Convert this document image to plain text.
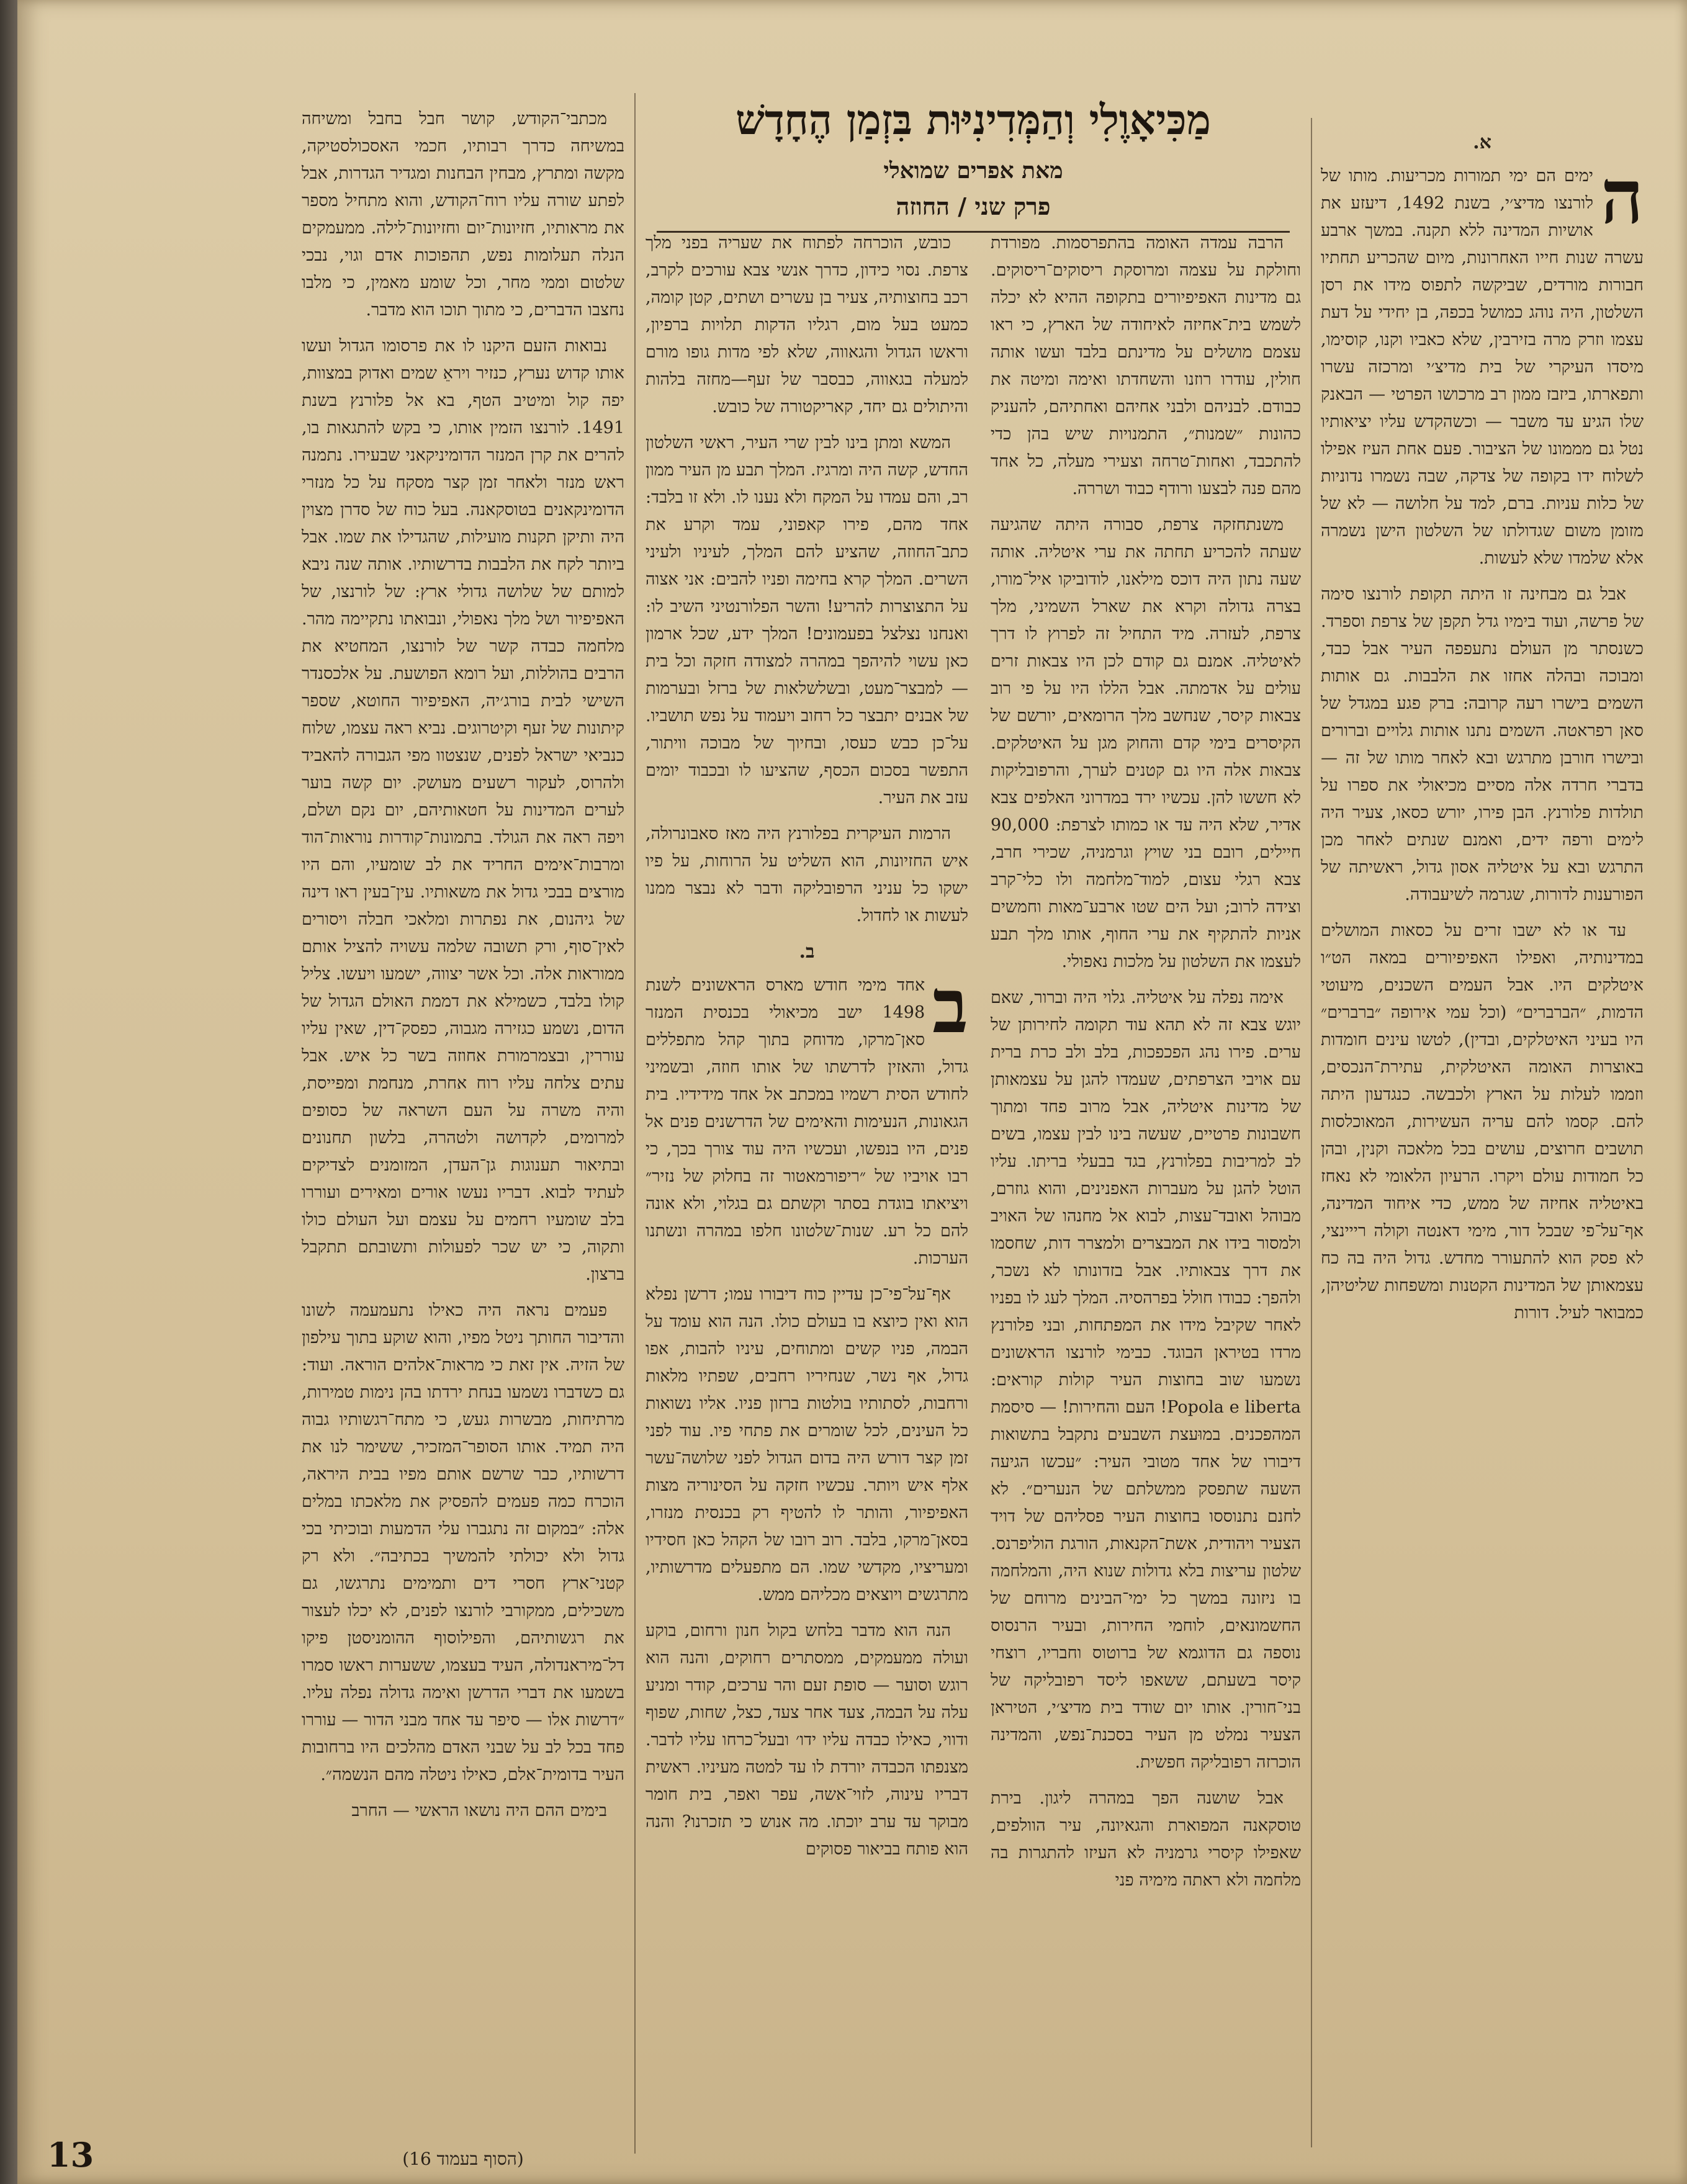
מַכִּיאָוֶלִי וְהַמְּדִינִיּוּת בִּזְמַן הֶחָדָשׁ
מאת אפרים שמואלי
פרק שני / החוזה
א.
ה

ימים הם ימי תמורות מכריעות. מותו של לורנצו מדיצ׳י, בשנת 1492, דיעזע את אושיות המדינה ללא תקנה. במשך ארבע עשרה שנות חייו האחרונות, מיום שהכריע תחתיו חבורות מורדים, שביקשה לתפוס מידו את רסן השלטון, היה נוהג כמושל בכפה, בן יחידי על דעת עצמו וזרק מרה בזירבין, שלא כאביו וקנו, קוסימו, מיסדו העיקרי של בית מדיצ׳י ומרכזה עשרו ותפארתו, ביזבז ממון רב מרכושו הפרטי — הבאנק שלו הגיע עד משבר — וכשהקדש עליו יציאותיו נטל גם מממונו של הציבור. פעם אחת העיז אפילו לשלוח ידו בקופה של צדקה, שבה נשמרו נדוניות של כלות עניות. ברם, למד על חלושה — לא של מזומן משום שגדולתו של השלטון הישן נשמרה אלא שלמדו שלא לעשות.

אבל גם מבחינה זו היתה תקופת לורנצו סימה של פרשה, ועוד בימיו גדל תקפן של צרפת וספרד. כשנסתר מן העולם נתעפפה העיר אבל כבד, ומבוכה ובהלה אחזו את הלבבות. גם אותות השמים בישרו רעה קרובה: ברק פגע במגדל של סאן רפראטה. השמים נתנו אותות גלויים וברורים ובישרו חורבן מתרגש ובא לאחר מותו של זה — בדברי חרדה אלה מסיים מכיאולי את ספרו על תולדות פלורנץ. הבן פירו, יורש כסאו, צעיר היה לימים ורפה ידים, ואמנם שנתים לאחר מכן התרגש ובא על איטליה אסון גדול, ראשיתה של הפורענות לדורות, שגרמה לשיעבודה.

עד או לא ישבו זרים על כסאות המושלים במדינותיה, ואפילו האפיפיורים במאה הט״ו איטלקים היו. אבל העמים השכנים, מיעוטי הדמות, ״הברברים״ (וכל עמי אירופה ״ברברים״ היו בעיני האיטלקים, ובדין), לטשו עינים חומדות באוצרות האומה האיטלקית, עתירת־הנכסים, וזממו לעלות על הארץ ולכבשה. כנגדעון היתה להם. קסמו להם עריה העשירות, המאוכלסות תושבים חרוצים, עושים בכל מלאכה וקנין, ובהן כל חמודות עולם ויקרו. הרעיון הלאומי לא נאחז באיטליה אחיזה של ממש, כדי איחוד המדינה, אף־על־פי שבכל דור, מימי דאנטה וקולה רייינצי, לא פסק הוא להתעורר מחדש. גדול היה בה כח עצמאותן של המדינות הקטנות ומשפחות שליטיהן, כמבואר לעיל. דורות

הרבה עמדה האומה בהתפרסמות. מפורדת וחולקת על עצמה ומרוסקת ריסוקים־ריסוקים. גם מדינות האפיפיורים בתקופה ההיא לא יכלה לשמש בית־אחיזה לאיחודה של הארץ, כי ראו עצמם מושלים על מדינתם בלבד ועשו אותה חולין, עודרו רוזנו והשחדתו ואימה ומיטה את כבודם. לבניהם ולבני אחיהם ואחתיהם, להעניק כהונות ״שמנות״, התמנויות שיש בהן כדי להתכבד, ואחות־טרחה וצעירי מעלה, כל אחד מהם פנה לבצעו ורודף כבוד ושררה.

משנתחזקה צרפת, סבורה היתה שהגיעה שעתה להכריע תחתה את ערי איטליה. אותה שעה נתון היה דוכס מילאנו, לודוביקו איל־מורו, בצרה גדולה וקרא את שארל השמיני, מלך צרפת, לעזרה. מיד התחיל זה לפרוץ לו דרך לאיטליה. אמנם גם קודם לכן היו צבאות זרים עולים על אדמתה. אבל הללו היו על פי רוב צבאות קיסר, שנחשב מלך הרומאים, יורשם של הקיסרים בימי קדם והחוק מגן על האיטלקים. צבאות אלה היו גם קטנים לערך, והרפובליקות לא חששו להן. עכשיו ירד במדרוני האלפים צבא אדיר, שלא היה עד או כמותו לצרפת: 90,000 חיילים, רובם בני שויץ וגרמניה, שכירי חרב, צבא רגלי עצום, למוד־מלחמה ולו כלי־קרב וצידה לרוב; ועל הים שטו ארבע־מאות וחמשים אניות להתקיף את ערי החוף, אותו מלך תבע לעצמו את השלטון על מלכות נאפולי.

אימה נפלה על איטליה. גלוי היה וברור, שאם יוגש צבא זה לא תהא עוד תקומה לחירותן של ערים. פירו נהג הפכפכות, בלב ולב כרת ברית עם אויבי הצרפתים, שעמדו להגן על עצמאותן של מדינות איטליה, אבל מרוב פחד ומתוך חשבונות פרטיים, שעשה בינו לבין עצמו, בשים לב למריבות בפלורנץ, בגד בבעלי בריתו. עליו הוטל להגן על מעברות האפנינים, והוא גוזרם, מבוהל ואובד־עצות, לבוא אל מחנהו של האויב ולמסור בידו את המבצרים ולמצרר דות, שחסמו את דרך צבאותיו. אבל בזדונותו לא נשכר, ולהפך: כבודו חולל בפרהסיה. המלך לעג לו בפניו לאחר שקיבל מידו את המפתחות, ובני פלורנץ מרדו בטיראן הבוגד. כבימי לורנצו הראשונים נשמעו שוב בחוצות העיר קולות קוראים: Popola e liberta! העם והחירות! — סיסמת המהפכנים. במוּעצת השבעים נתקבל בתשואות דיבורו של אחד מטובי העיר: ״עכשו הגיעה השעה שתפסק ממשלתם של הנערים״. לא לחנם נתנוססו בחוצות העיר פסליהם של דויד הצעיר ויהודית, אשת־הקנאות, הורגת הוליפרנס. שלטון עריצות בלא גדולות שנוא היה, והמלחמה בו ניזונה במשך כל ימי־הבינים מרוחם של החשמונאים, לוחמי החירות, ובעיר הרנסוס נוספה גם הדוגמא של ברוטוס וחבריו, רוצחי קיסר בשעתם, ששאפו ליסד רפובליקה של בני־חורין. אותו יום שודד בית מדיצ׳י, הטיראן הצעיר נמלט מן העיר בסכנת־נפש, והמדינה הוכרזה רפובליקה חפשית.

אבל שושנה הפך במהרה ליגון. בירת טוסקאנה המפוארת והגאיונה, עיר הוולפים, שאפילו קיסרי גרמניה לא העיזו להתגרות בה מלחמה ולא ראתה מימיה פני

כובש, הוכרחה לפתוח את שעריה בפני מלך צרפת. נסוי כידון, כדרך אנשי צבא עורכים לקרב, רכב בחוצותיה, צעיר בן עשרים ושתים, קטן קומה, כמעט בעל מום, רגליו הדקות תלויות ברפיון, וראשו הגדול והגאווה, שלא לפי מדות גופו מורם למעלה בגאווה, כבסבר של זעף—מחזה בלהות והיתולים גם יחד, קאריקטורה של כובש.

המשא ומתן בינו לבין שרי העיר, ראשי השלטון החדש, קשה היה ומרגיז. המלך תבע מן העיר ממון רב, והם עמדו על המקח ולא נענו לו. ולא זו בלבד: אחד מהם, פירו קאפוני, עמד וקרע את כתב־החוזה, שהציע להם המלך, לעיניו ולעיני השרים. המלך קרא בחימה ופניו להבים: אני אצוה על התצוצרות להריע! והשר הפלורנטיני השיב לו: ואנחנו נצלצל בפעמונים! המלך ידע, שכל ארמון כאן עשוי להיהפך במהרה למצודה חזקה וכל בית — למבצר־מעט, ובשלשלאות של ברזל ובערמות של אבנים יתבצר כל רחוב ויעמוד על נפש תושביו. על־כן כבש כעסו, ובחיוך של מבוכה וויתור, התפשר בסכום הכסף, שהציעו לו ובכבוד יומים עזב את העיר.

הרמות העיקרית בפלורנץ היה מאז סאבונרולה, איש החזיונות, הוא השליט על הרוחות, על פיו ישקו כל עניני הרפובליקה ודבר לא נבצר ממנו לעשות או לחדול.

ב.
ב

אחד מימי חודש מארס הראשונים לשנת 1498 ישב מכיאולי בכנסית המנזר סאן־מרקו, מדוחק בתוך קהל מתפללים גדול, והאזין לדרשתו של אותו חוזה, ובשמיני לחודש הסית רשמיו במכתב אל אחד מידידיו. בית הגאונות, הנעימות והאימים של הדרשנים פנים אל פנים, היו בנפשו, ועכשיו היה עוד צורך בכך, כי רבו אויביו של ״ריפורמאטור זה בחלוק של נזיר״ ויציאתו בוגדת בסתר וקשתם גם בגלוי, ולא אונה להם כל רע. שנות־שלטונו חלפו במהרה ונשתנו הערכות.

אף־על־פי־כן עדיין כוח דיבורו עמו; דרשן נפלא הוא ואין כיוצא בו בעולם כולו. הנה הוא עומד על הבמה, פניו קשים ומתוחים, עיניו להבות, אפו גדול, אף נשר, שנחיריו רחבים, שפתיו מלאות ורחבות, לסתותיו בולטות ברזון פניו. אליו נשואות כל העינים, לכל שומרים את פתחי פיו. עוד לפני זמן קצר דורש היה בדום הגדול לפני שלושה־עשר אלף איש ויותר. עכשיו חזקה על הסינוריה מצות האפיפיור, והותר לו להטיף רק בכנסית מנזרו, בסאן־מרקו, בלבד. רוב רובו של הקהל כאן חסידיו ומעריציו, מקדשי שמו. הם מתפעלים מדרשותיו, מתרגשים ויוצאים מכליהם ממש.

הנה הוא מדבר בלחש בקול חנון ורחום, בוקע ועולה ממעמקים, ממסתרים רחוקים, והנה הוא רוגש וסוער — סופת זעם והר ערכים, קודר ומניע עלה על הבמה, צעד אחר צעד, כצל, שחות, שפוף ודווי, כאילו כבדה עליו ידו׳ ובעל־כרחו עליו לדבר. מצנפתו הכבדה יורדת לו עד למטה מעיניו. ראשית דבריו עינוה, לזוי־אשה, עפר ואפר, בית חומר מבוקר עד ערב יוכתו. מה אנוש כי תזכרנו? והנה הוא פותח בביאור פסוקים

מכתבי־הקודש, קושר חבל בחבל ומשיחה במשיחה כדרך רבותיו, חכמי האסכולסטיקה, מקשה ומתרץ, מבחין הבחנות ומגדיר הגדרות, אבל לפתע שורה עליו רוח־הקודש, והוא מתחיל מספר את מראותיו, חזיונות־יום וחזיונות־לילה. ממעמקים הנלה תעלומות נפש, תהפוכות אדם וגוי, נבכי שלטום וממי מחר, וכל שומע מאמין, כי מלבו נחצבו הדברים, כי מתוך תוכו הוא מדבר.

נבואות הזעם היקנו לו את פרסומו הגדול ועשו אותו קדוש נערץ, כנזיר ויראֵ שמים ואדוק במצוות, יפה קול ומיטיב הטף, בא אל פלורנץ בשנת 1491. לורנצו הזמין אותו, כי בקש להתגאות בו, להרים את קרן המנזר הדומיניקאני שבעירו. נתמנה ראש מנזר ולאחר זמן קצר מסקח על כל מנזרי הדומינקאנים בטוסקאנה. בעל כוח של סדרן מצוין היה ותיקן תקנות מועילות, שהגדילו את שמו. אבל ביותר לקח את הלבבות בדרשותיו. אותה שנה ניבא למותם של שלושה גדולי ארץ: של לורנצו, של האפיפיור ושל מלך נאפולי, ונבואתו נתקיימה מהר. מלחמה כבדה קשר של לורנצו, המחטיא את הרבים בהוללות, ועל רומא הפושעת. על אלכסנדר השישי לבית בורג׳יה, האפיפיור החוטא, שספר קיתונות של זעף וקיטרוגים. נביא ראה עצמו, שלוח כנביאי ישראל לפנים, שנצטוו מפי הגבורה להאביד ולהרוס, לעקור רשעים מעושק. יום קשה בוער לערים המדינות על חטאותיהם, יום נקם ושלם, ויפה ראה את הגולד. בתמונות־קודרות נוראות־הוד ומרבות־אימים החריד את לב שומעיו, והם היו מורצים בבכי גדול את משאותיו. עין־בעין ראו דינה של גיהנום, את נפתרות ומלאכי חבלה ויסורים לאין־סוף, ורק תשובה שלמה עשויה להציל אותם ממוראות אלה. וכל אשר יצווה, ישמעו ויעשו. צליל קולו בלבד, כשמילא את דממת האולם הגדול של הדום, נשמע כגזירה מגבוה, כפסק־דין, שאין עליו עוררין, ובצמרמורת אחוזה בשר כל איש. אבל עתים צלחה עליו רוח אחרת, מנחמת ומפייסת, והיה משרה על העם השראה של כסופים למרומים, לקדושה ולטהרה, בלשון תחנונים ובתיאור תענוגות גן־העדן, המזומנים לצדיקים לעתיד לבוא. דבריו נעשו אורים ומאירים ועוררו בלב שומעיו רחמים על עצמם ועל העולם כולו ותקוה, כי יש שכר לפעולות ותשובתם תתקבל ברצון.

פעמים נראה היה כאילו נתעמעמה לשונו והדיבור החותך ניטל מפיו, והוא שוקע בתוך עילפון של הזיה. אין זאת כי מראות־אלהים הוראה. ועוד: גם כשדברו נשמעו בנחת ירדתו בהן נימות טמירות, מרתיחות, מבשרות געש, כי מתח־רגשותיו גבוה היה תמיד. אותו הסופר־המזכיר, ששימר לנו את דרשותיו, כבר שרשם אותם מפיו בבית היראה, הוכרח כמה פעמים להפסיק את מלאכתו במלים אלה: ״במקום זה נתגברו עלי הדמעות ובוכיתי בכי גדול ולא יכולתי להמשיך בכתיבה״. ולא רק קטני־ארץ חסרי דים ותמימים נתרגשו, גם משכילים, ממקורבי לורנצו לפנים, לא יכלו לעצור את רגשותיהם, והפילוסוף ההומניסטן פיקו דל־מיראנדולה, העיד בעצמו, ששערות ראשו סמרו בשמעו את דברי הדרשן ואימה גדולה נפלה עליו. ״דרשות אלו — סיפר עד אחד מבני הדור — עוררו פחד בכל לב על שבני האדם מהלכים היו ברחובות העיר בדומית־אלם, כאילו ניטלה מהם הנשמה״.

בימים ההם היה נושאו הראשי — החרב

(הסוף בעמוד 16)
13
